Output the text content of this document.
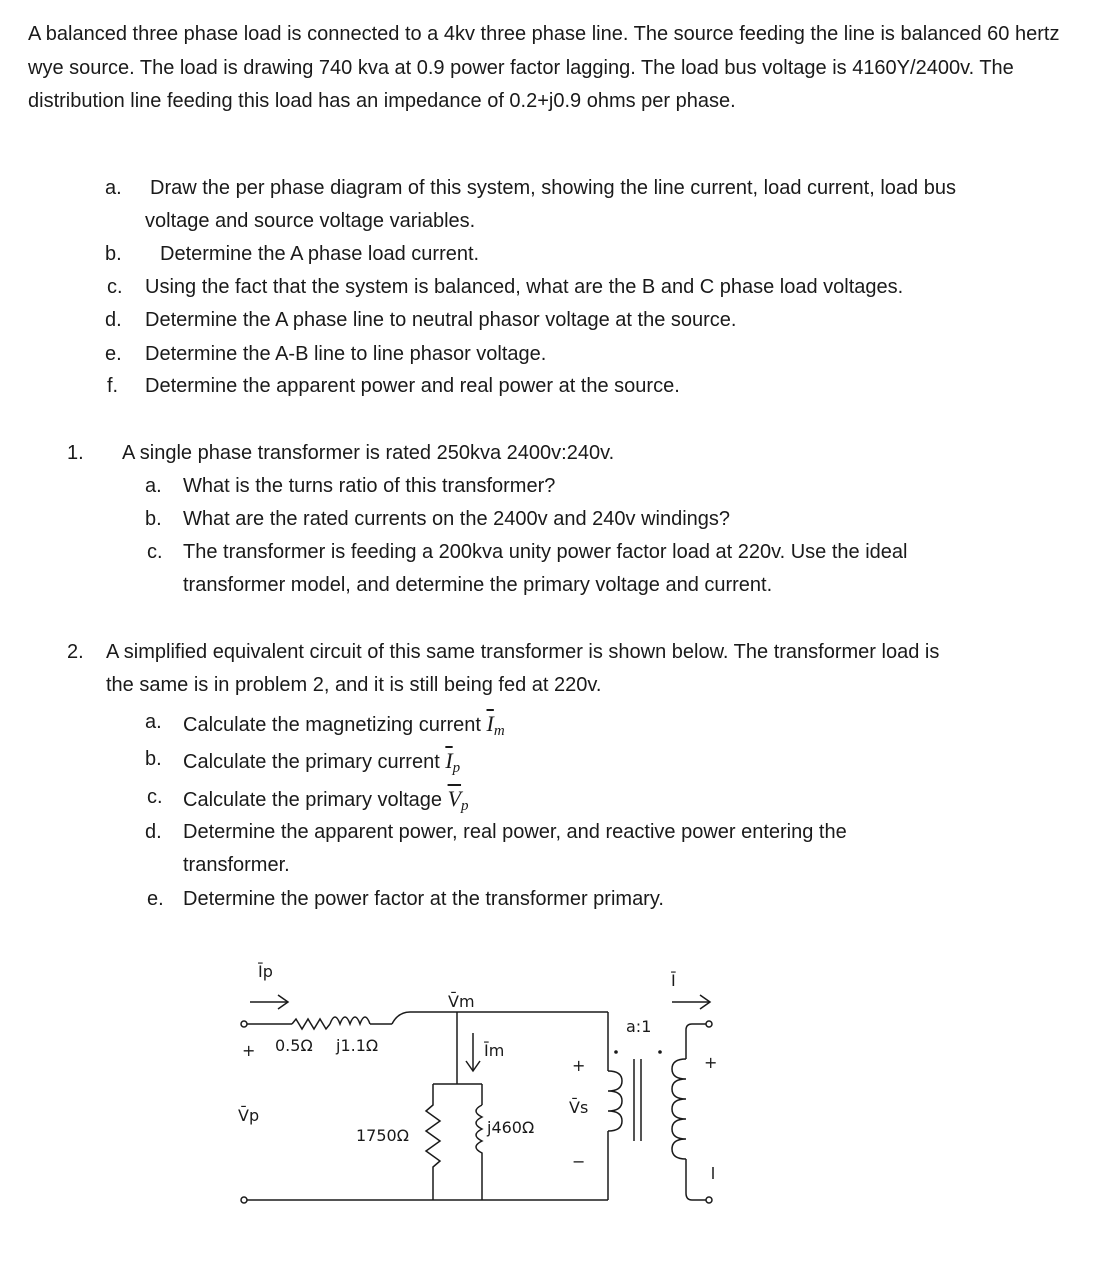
A balanced three phase load is connected to a 4kv three phase line. The source feeding the line is balanced 60 hertz wye source. The load is drawing 740 kva at 0.9 power factor lagging. The load bus voltage is 4160Y/2400v. The distribution line feeding this load has an impedance of 0.2+j0.9 ohms per phase.
a. Draw the per phase diagram of this system, showing the line current, load current, load bus
voltage and source voltage variables.
b. Determine the A phase load current.
c. Using the fact that the system is balanced, what are the B and C phase load voltages.
d. Determine the A phase line to neutral phasor voltage at the source.
e. Determine the A-B line to line phasor voltage.
f. Determine the apparent power and real power at the source.
1. A single phase transformer is rated 250kva 2400v:240v.
a. What is the turns ratio of this transformer?
b. What are the rated currents on the 2400v and 240v windings?
c. The transformer is feeding a 200kva unity power factor load at 220v. Use the ideal
transformer model, and determine the primary voltage and current.
2. A simplified equivalent circuit of this same transformer is shown below. The transformer load is
the same is in problem 2, and it is still being fed at 220v.
a. Calculate the magnetizing current $\overline{I}_m$
b. Calculate the primary current $\overline{I}_p$
c. Calculate the primary voltage $\overline{V}_p$
d. Determine the apparent power, real power, and reactive power entering the
transformer.
e. Determine the power factor at the transformer primary.
Īp
+ 0.5Ω j1.1Ω
V̄m
Īm
1750Ω	j460Ω
+
V̄s
−
a:1
Ī
+
V̄p
